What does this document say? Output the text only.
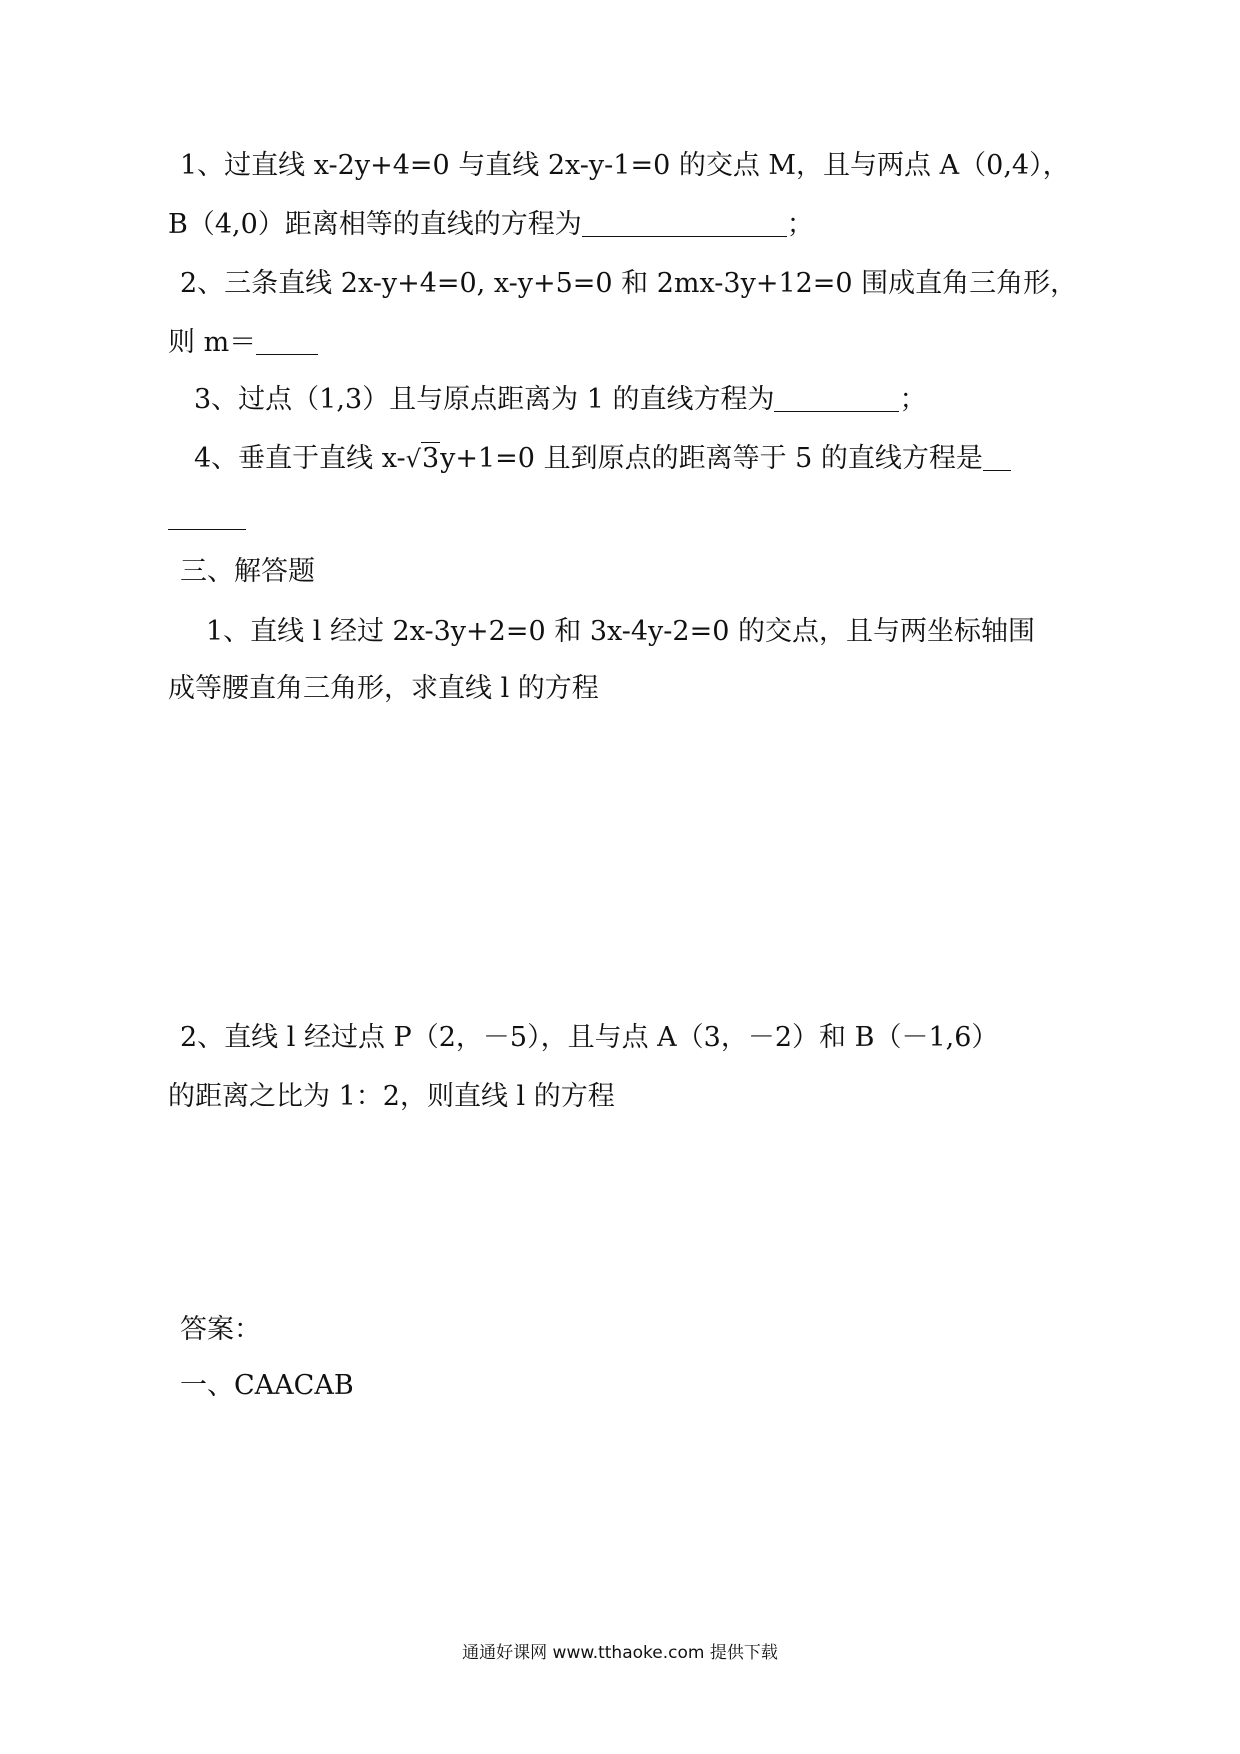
1、过直线 x-2y+4=0 与直线 2x-y-1=0 的交点 M，且与两点 A（0,4），
B（4,0）距离相等的直线的方程为	；
2、三条直线 2x-y+4=0, x-y+5=0 和 2mx-3y+12=0 围成直角三角形，
则 m＝
3、过点（1,3）且与原点距离为 1 的直线方程为	；
4、垂直于直线 x-√3y+1=0 且到原点的距离等于 5 的直线方程是
三、解答题
1、直线 l 经过 2x-3y+2=0 和 3x-4y-2=0 的交点，且与两坐标轴围
成等腰直角三角形，求直线 l 的方程
2、直线 l 经过点 P（2，－5），且与点 A（3，－2）和 B（－1,6）
的距离之比为 1：2，则直线 l 的方程
答案：
一、CAACAB
通通好课网 www.tthaoke.com 提供下载
